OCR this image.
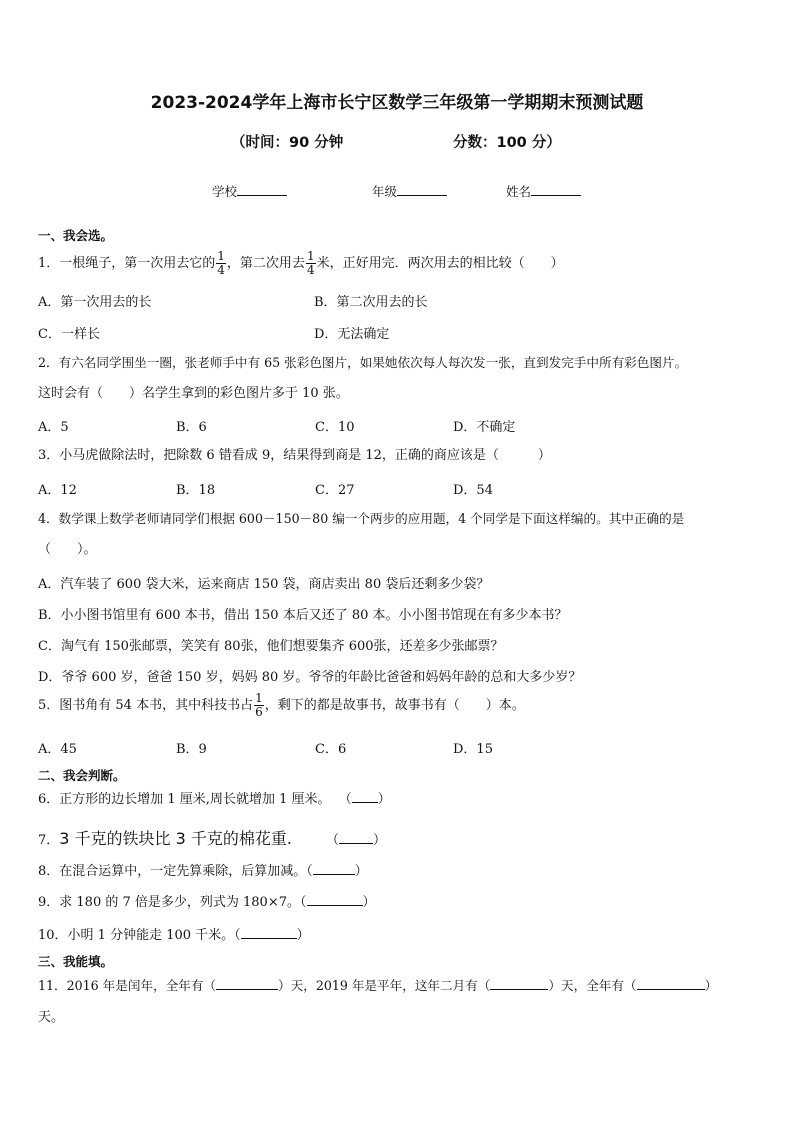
2023-2024学年上海市长宁区数学三年级第一学期期末预测试题
（时间：90 分钟	分数：100 分）
学校	年级	姓名
一、我会选。
1．一根绳子，第一次用去它的 $\frac{1}{4}$ ，第二次用去 $\frac{1}{4}$ 米，正好用完．两次用去的相比较（　　）
A．第一次用去的长	B．第二次用去的长
C．一样长	D．无法确定
2．有六名同学围坐一圈，张老师手中有 65 张彩色图片，如果她依次每人每次发一张，直到发完手中所有彩色图片。
这时会有（　　）名学生拿到的彩色图片多于 10 张。
A．5	B．6	C．10	D．不确定
3．小马虎做除法时，把除数 6 错看成 9，结果得到商是 12，正确的商应该是（　　　）
A．12	B．18	C．27	D．54
4．数学课上数学老师请同学们根据 600－150－80 编一个两步的应用题，4 个同学是下面这样编的。其中正确的是
（　　）。
A．汽车装了 600 袋大米，运来商店 150 袋，商店卖出 80 袋后还剩多少袋？
B．小小图书馆里有 600 本书，借出 150 本后又还了 80 本。小小图书馆现在有多少本书？
C．淘气有 150张邮票，笑笑有 80张，他们想要集齐 600张，还差多少张邮票？
D．爷爷 600 岁，爸爸 150 岁，妈妈 80 岁。爷爷的年龄比爸爸和妈妈年龄的总和大多少岁？
5．图书角有 54 本书，其中科技书占 $\frac{1}{6}$ ，剩下的都是故事书，故事书有（　　）本。
A．45	B．9	C．6	D．15
二、我会判断。
6．正方形的边长增加 1 厘米,周长就增加 1 厘米。 （ ）
7．3 千克的铁块比 3 千克的棉花重.	（	）
8．在混合运算中，一定先算乘除，后算加减。（	）
9．求 180 的 7 倍是多少，列式为 180×7。（	）
10．小明 1 分钟能走 100 千米。（	）
三、我能填。
11．2016 年是闰年，全年有（	）天，2019 年是平年，这年二月有（	）天，全年有（	）
天。
